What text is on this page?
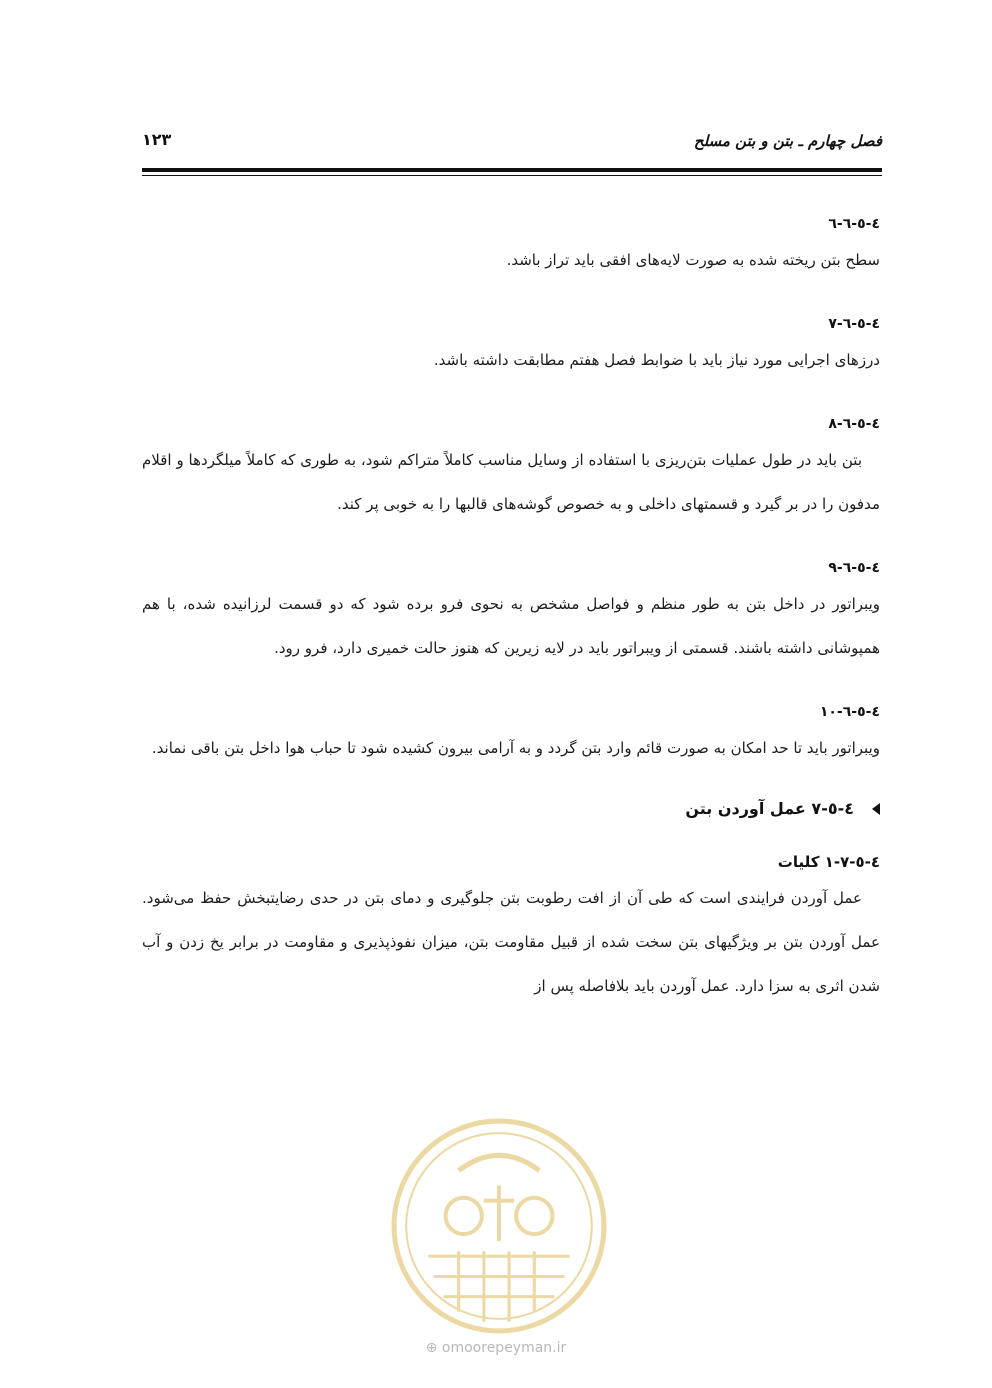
فصل چهارم ـ بتن و بتن مسلح
۱۲۳

٤-٥-٦-٦

سطح بتن ریخته شده به صورت لایه‌های افقی باید تراز باشد.

٤-٥-٦-٧

درزهای اجرایی مورد نیاز باید با ضوابط فصل هفتم مطابقت داشته باشد.

٤-٥-٦-٨

بتن باید در طول عملیات بتن‌ریزی با استفاده از وسایل مناسب کاملاً متراکم شود، به طوری که کاملاً میلگردها و اقلام مدفون را در بر گیرد و قسمتهای داخلی و به خصوص گوشه‌های قالبها را به خوبی پر کند.

٤-٥-٦-٩

ویبراتور در داخل بتن به طور منظم و فواصل مشخص به نحوی فرو برده شود که دو قسمت لرزانیده شده، با هم همپوشانی داشته باشند. قسمتی از ویبراتور باید در لایه زیرین که هنوز حالت خمیری دارد، فرو رود.

٤-٥-٦-١٠

ویبراتور باید تا حد امکان به صورت قائم وارد بتن گردد و به آرامی بیرون کشیده شود تا حباب هوا داخل بتن باقی نماند.

٤-٥-٧ عمل آوردن بتن

٤-٥-٧-١ کلیات

عمل آوردن فرایندی است که طی آن از افت رطوبت بتن جلوگیری و دمای بتن در حدی رضایتبخش حفظ می‌شود. عمل آوردن بتن بر ویژگیهای بتن سخت شده از قبیل مقاومت بتن، میزان نفوذپذیری و مقاومت در برابر یخ زدن و آب شدن اثری به سزا دارد. عمل آوردن باید بلافاصله پس از

⊕ omoorepeyman.ir
